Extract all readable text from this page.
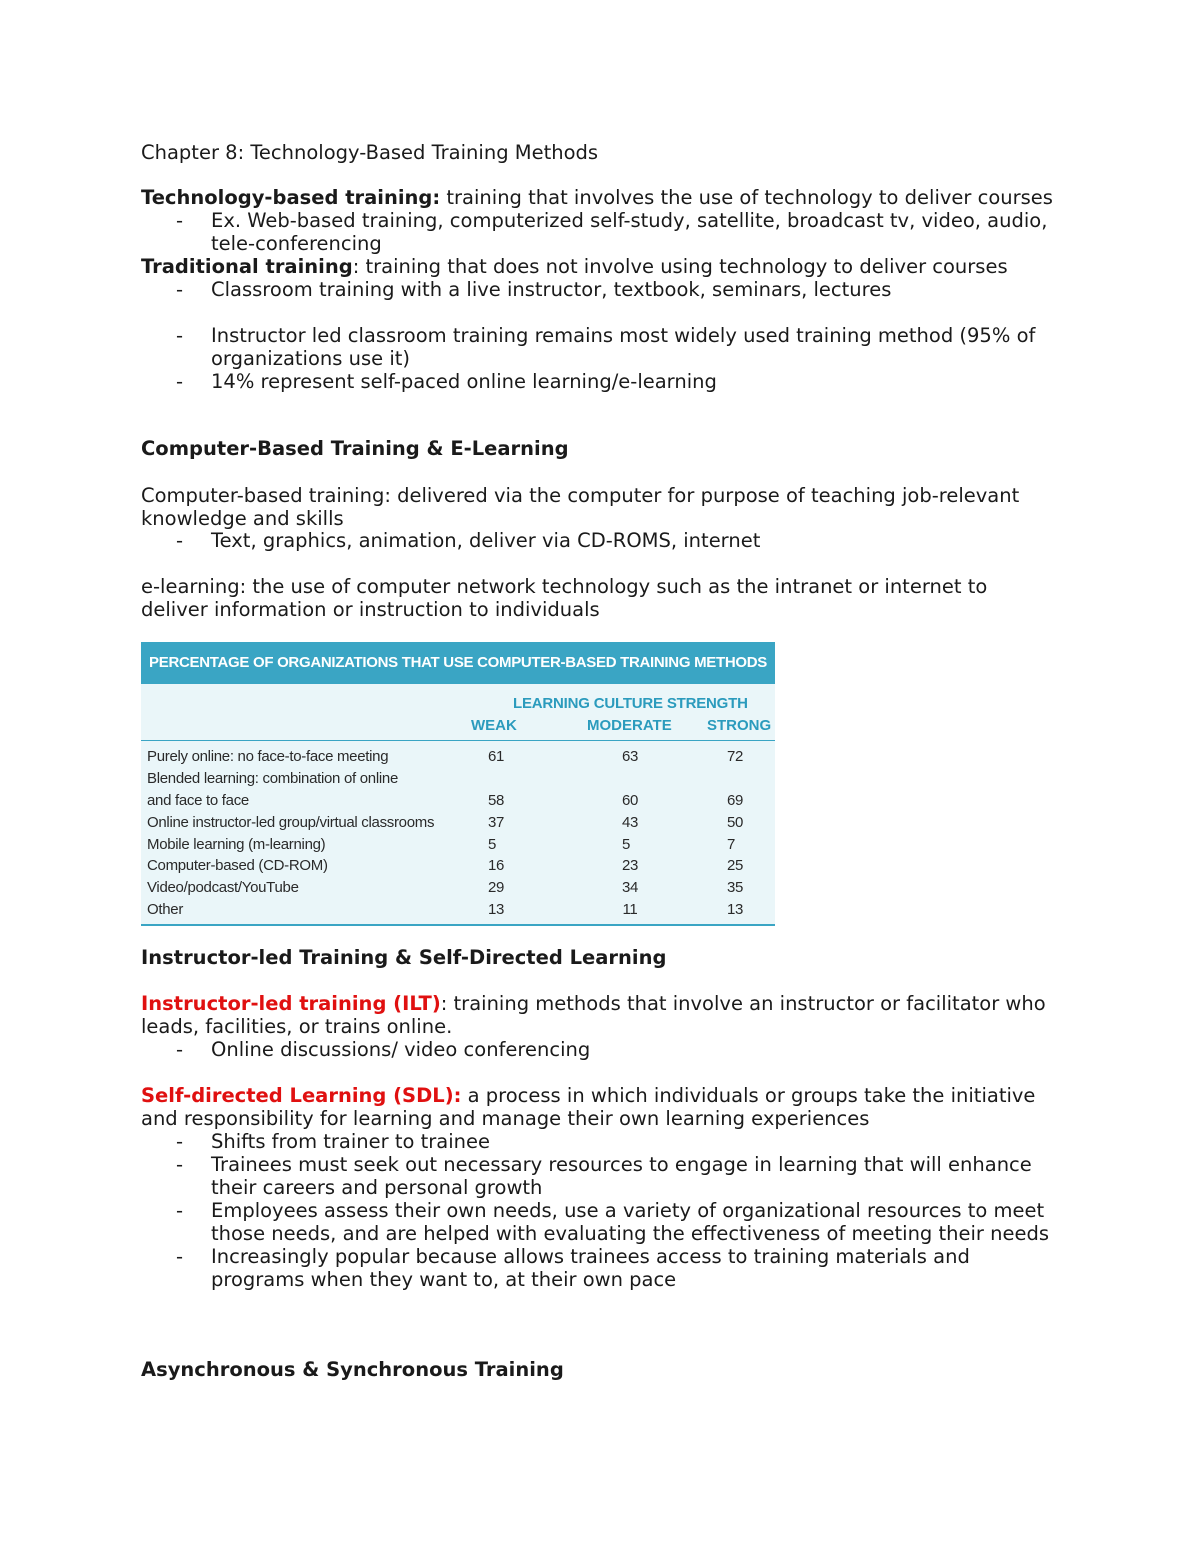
Chapter 8: Technology-Based Training Methods

Technology-based training: training that involves the use of technology to deliver courses

- Ex. Web-based training, computerized self-study, satellite, broadcast tv, video, audio, tele-conferencing

Traditional training: training that does not involve using technology to deliver courses

- Classroom training with a live instructor, textbook, seminars, lectures
- Instructor led classroom training remains most widely used training method (95% of organizations use it)
- 14% represent self-paced online learning/e-learning

Computer-Based Training & E-Learning

Computer-based training: delivered via the computer for purpose of teaching job-relevant knowledge and skills

- Text, graphics, animation, deliver via CD-ROMS, internet

e-learning: the use of computer network technology such as the intranet or internet to deliver information or instruction to individuals

PERCENTAGE OF ORGANIZATIONS THAT USE COMPUTER-BASED TRAINING METHODS
LEARNING CULTURE STRENGTH
WEAK	MODERATE STRONG
Purely online: no face-to-face meeting	61	63	72
Blended learning: combination of online
and face to face	58	60	69
Online instructor-led group/virtual classrooms	37	43	50
Mobile learning (m-learning)	5	5	7
Computer-based (CD-ROM)	16	23	25
Video/podcast/YouTube	29	34	35
Other	13	11	13

Instructor-led Training & Self-Directed Learning

Instructor-led training (ILT): training methods that involve an instructor or facilitator who leads, facilities, or trains online.

- Online discussions/ video conferencing

Self-directed Learning (SDL): a process in which individuals or groups take the initiative and responsibility for learning and manage their own learning experiences

- Shifts from trainer to trainee
- Trainees must seek out necessary resources to engage in learning that will enhance their careers and personal growth
- Employees assess their own needs, use a variety of organizational resources to meet those needs, and are helped with evaluating the effectiveness of meeting their needs
- Increasingly popular because allows trainees access to training materials and programs when they want to, at their own pace

Asynchronous & Synchronous Training
